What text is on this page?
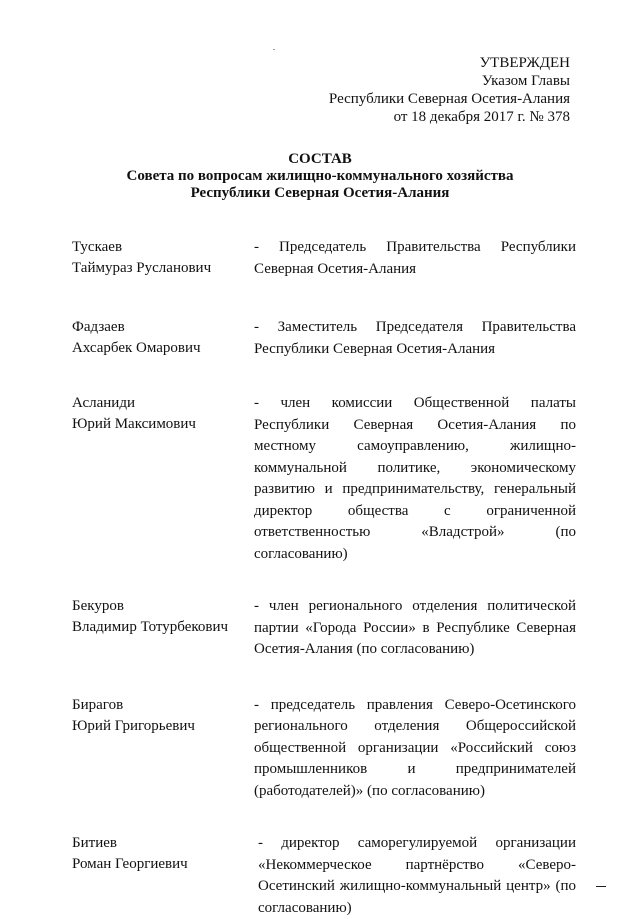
УТВЕРЖДЕН
Указом Главы
Республики Северная Осетия-Алания
от 18 декабря 2017 г. № 378
СОСТАВ
Совета по вопросам жилищно-коммунального хозяйства
Республики Северная Осетия-Алания
Тускаев
Таймураз Русланович
- Председатель Правительства Республики Северная Осетия-Алания
Фадзаев
Ахсарбек Омарович
- Заместитель Председателя Правительства Республики Северная Осетия-Алания
Асланиди
Юрий Максимович
- член комиссии Общественной палаты Республики Северная Осетия-Алания по местному самоуправлению, жилищно-коммунальной политике, экономическому развитию и предпринимательству, генеральный директор общества с ограниченной ответственностью «Владстрой» (по согласованию)
Бекуров
Владимир Тотурбекович
- член регионального отделения политической партии «Города России» в Республике Северная Осетия-Алания (по согласованию)
Бирагов
Юрий Григорьевич
- председатель правления Северо-Осетинского регионального отделения Общероссийской общественной организации «Российский союз промышленников и предпринимателей (работодателей)» (по согласованию)
Битиев
Роман Георгиевич
- директор саморегулируемой организации «Некоммерческое партнёрство «Северо-Осетинский жилищно-коммунальный центр» (по согласованию)
